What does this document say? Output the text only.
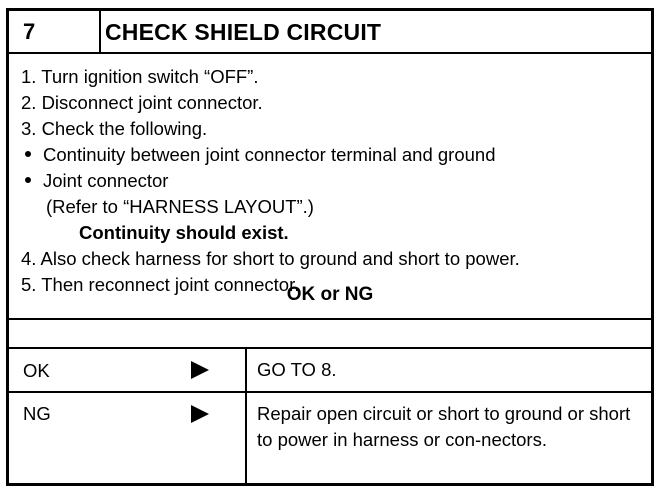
7	CHECK SHIELD CIRCUIT
1. Turn ignition switch “OFF”.
2. Disconnect joint connector.
3. Check the following.
Continuity between joint connector terminal and ground
Joint connector
(Refer to “HARNESS LAYOUT”.)
Continuity should exist.
4. Also check harness for short to ground and short to power.
5. Then reconnect joint connector.
OK or NG
OK	GO TO 8.
NG	Repair open circuit or short to ground or short to power in harness or con-nectors.
